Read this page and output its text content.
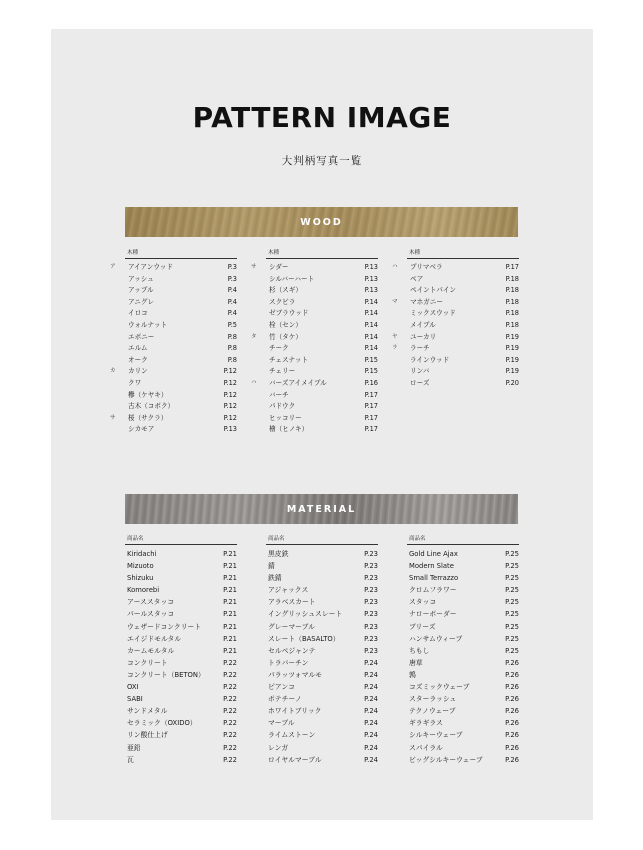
PATTERN IMAGE
大判柄写真一覧
WOOD
木種
ア アイアンウッド	P.3
アッシュ	P.3
アップル	P.4
アニグレ	P.4
イロコ	P.4
ウォルナット	P.5
エボニー	P.8
エルム	P.8
オーク	P.8
カ カリン	P.12
クワ	P.12
欅（ケヤキ）	P.12
古木（コボク）	P.12
サ 桜（サクラ）	P.12
シカモア	P.13
木種
サ シダー	P.13
シルバーハート	P.13
杉（スギ）	P.13
スクビラ	P.14
ゼブラウッド	P.14
栓（セン）	P.14
タ 竹（タケ）	P.14
チーク	P.14
チェスナット	P.15
チェリー	P.15
ハ バーズアイメイプル	P.16
バーチ	P.17
パドウク	P.17
ヒッコリー	P.17
檜（ヒノキ）	P.17
木種
ハ プリマベラ	P.17
ペア	P.18
ペイントパイン	P.18
マ マホガニー	P.18
ミックスウッド	P.18
メイプル	P.18
ヤ ユーカリ	P.19
ラ ラーチ	P.19
ラインウッド	P.19
リンバ	P.19
ローズ	P.20
MATERIAL
商品名
Kiridachi	P.21
Mizuoto	P.21
Shizuku	P.21
Komorebi	P.21
アーススタッコ	P.21
パールスタッコ	P.21
ウェザードコンクリート	P.21
エイジドモルタル	P.21
カームモルタル	P.21
コンクリート	P.22
コンクリート（BETON）	P.22
OXI	P.22
SABI	P.22
サンドメタル	P.22
セラミック（OXIDO）	P.22
リン酸仕上げ	P.22
亜鉛	P.22
瓦	P.22
商品名
黒皮鉄	P.23
錆	P.23
鉄錆	P.23
アジャックス	P.23
アラベスカート	P.23
イングリッシュスレート	P.23
グレーマーブル	P.23
スレート（BASALTO）	P.23
セルペジャンテ	P.23
トラバーチン	P.24
パラッツォマルモ	P.24
ピアンコ	P.24
ボテチーノ	P.24
ホワイトブリック	P.24
マーブル	P.24
ライムストーン	P.24
レンガ	P.24
ロイヤルマーブル	P.24
商品名
Gold Line Ajax	P.25
Modern Slate	P.25
Small Terrazzo	P.25
クロムフラワー	P.25
スタッコ	P.25
ナローボーダー	P.25
ブリーズ	P.25
ハンサムウィーブ	P.25
ちもし	P.25
唐草	P.26
鶉	P.26
コズミックウェーブ	P.26
スターラッシュ	P.26
テクノウェーブ	P.26
ギラギラス	P.26
シルキーウェーブ	P.26
スパイラル	P.26
ビッグシルキーウェーブ	P.26
